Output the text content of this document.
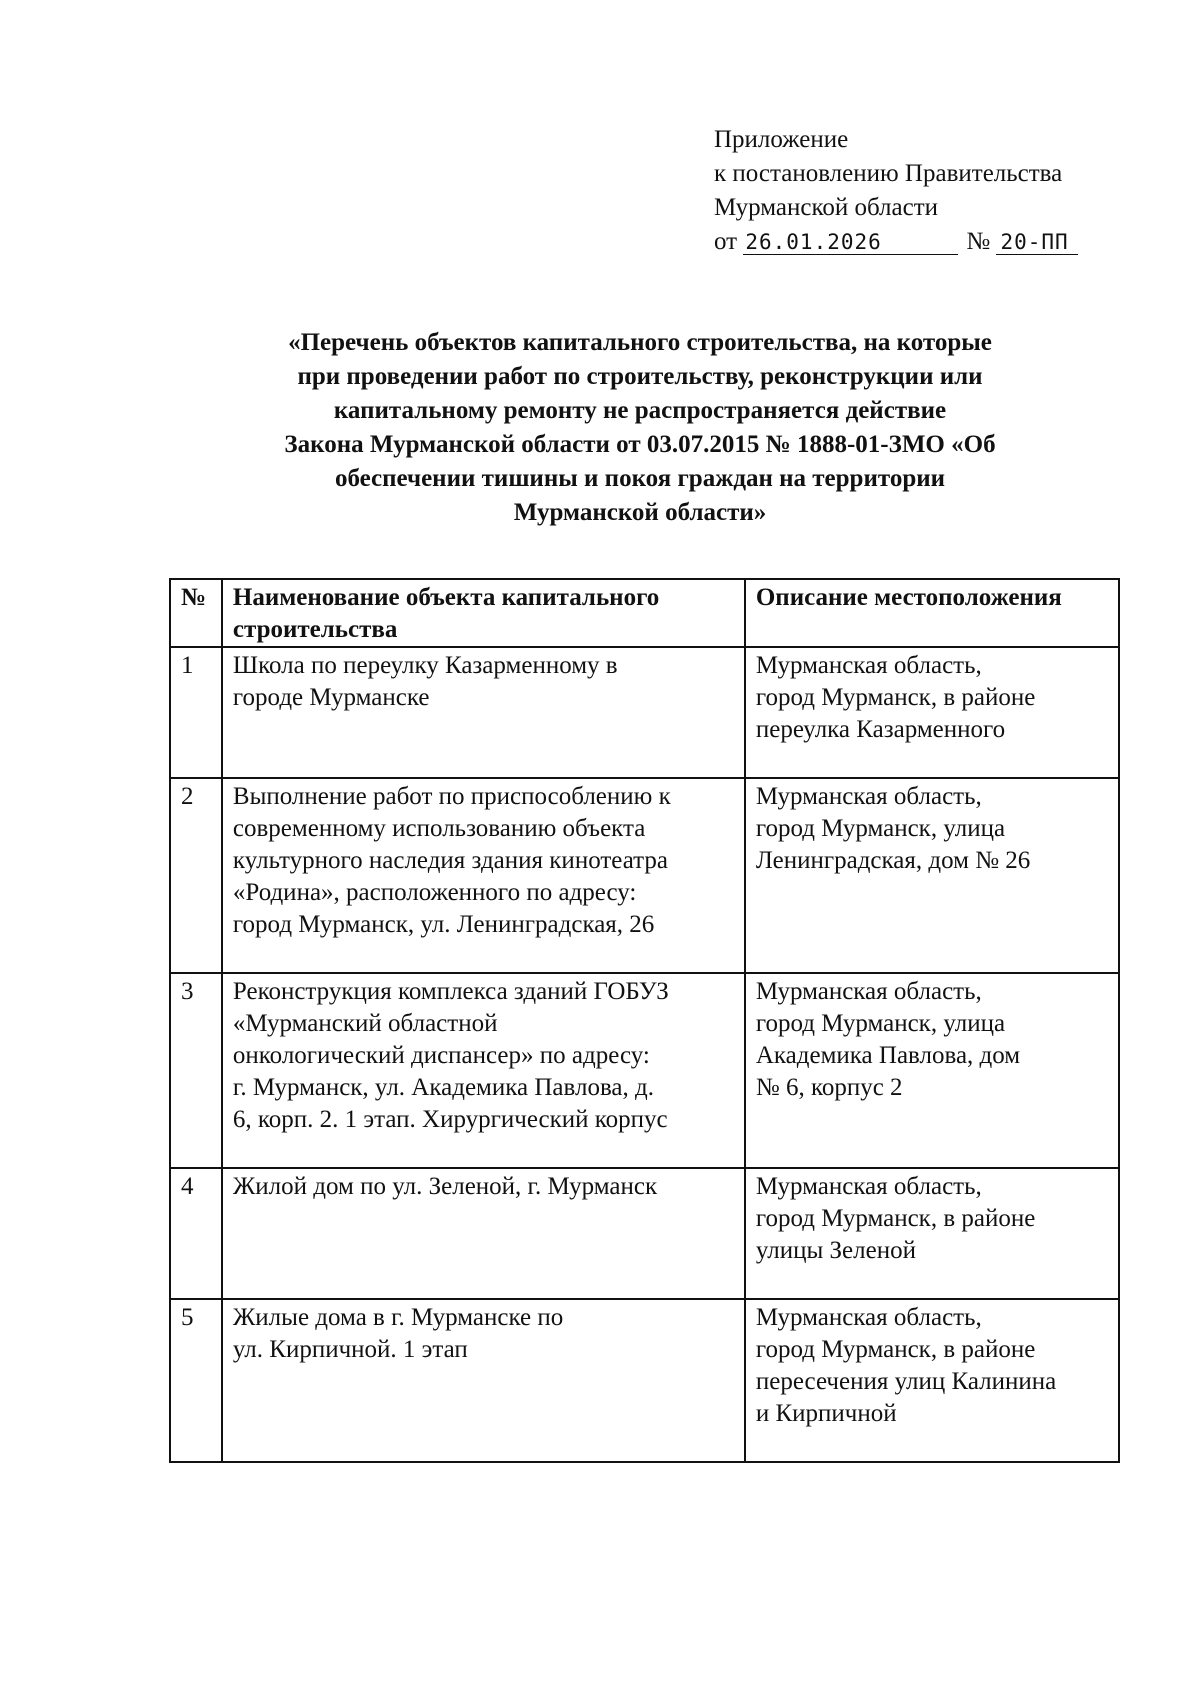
Приложение
к постановлению Правительства
Мурманской области
от 26.01.2026	№ 20-ПП
«Перечень объектов капитального строительства, на которые
при проведении работ по строительству, реконструкции или
капитальному ремонту не распространяется действие
Закона Мурманской области от 03.07.2015 № 1888-01-ЗМО «Об
обеспечении тишины и покоя граждан на территории
Мурманской области»
№	Наименование объекта капитального строительства	Описание местоположения
1	Школа по переулку Казарменному в
городе Мурманске	Мурманская область,
город Мурманск, в районе
переулка Казарменного

2	Выполнение работ по приспособлению к
современному использованию объекта
культурного наследия здания кинотеатра
«Родина», расположенного по адресу:
город Мурманск, ул. Ленинградская, 26	Мурманская область,
город Мурманск, улица
Ленинградская, дом № 26

3	Реконструкция комплекса зданий ГОБУЗ
«Мурманский областной
онкологический диспансер» по адресу:
г. Мурманск, ул. Академика Павлова, д.
6, корп. 2. 1 этап. Хирургический корпус	Мурманская область,
город Мурманск, улица
Академика Павлова, дом
№ 6, корпус 2

4	Жилой дом по ул. Зеленой, г. Мурманск	Мурманская область,
город Мурманск, в районе
улицы Зеленой

5	Жилые дома в г. Мурманске по
ул. Кирпичной. 1 этап	Мурманская область,
город Мурманск, в районе
пересечения улиц Калинина
и Кирпичной
